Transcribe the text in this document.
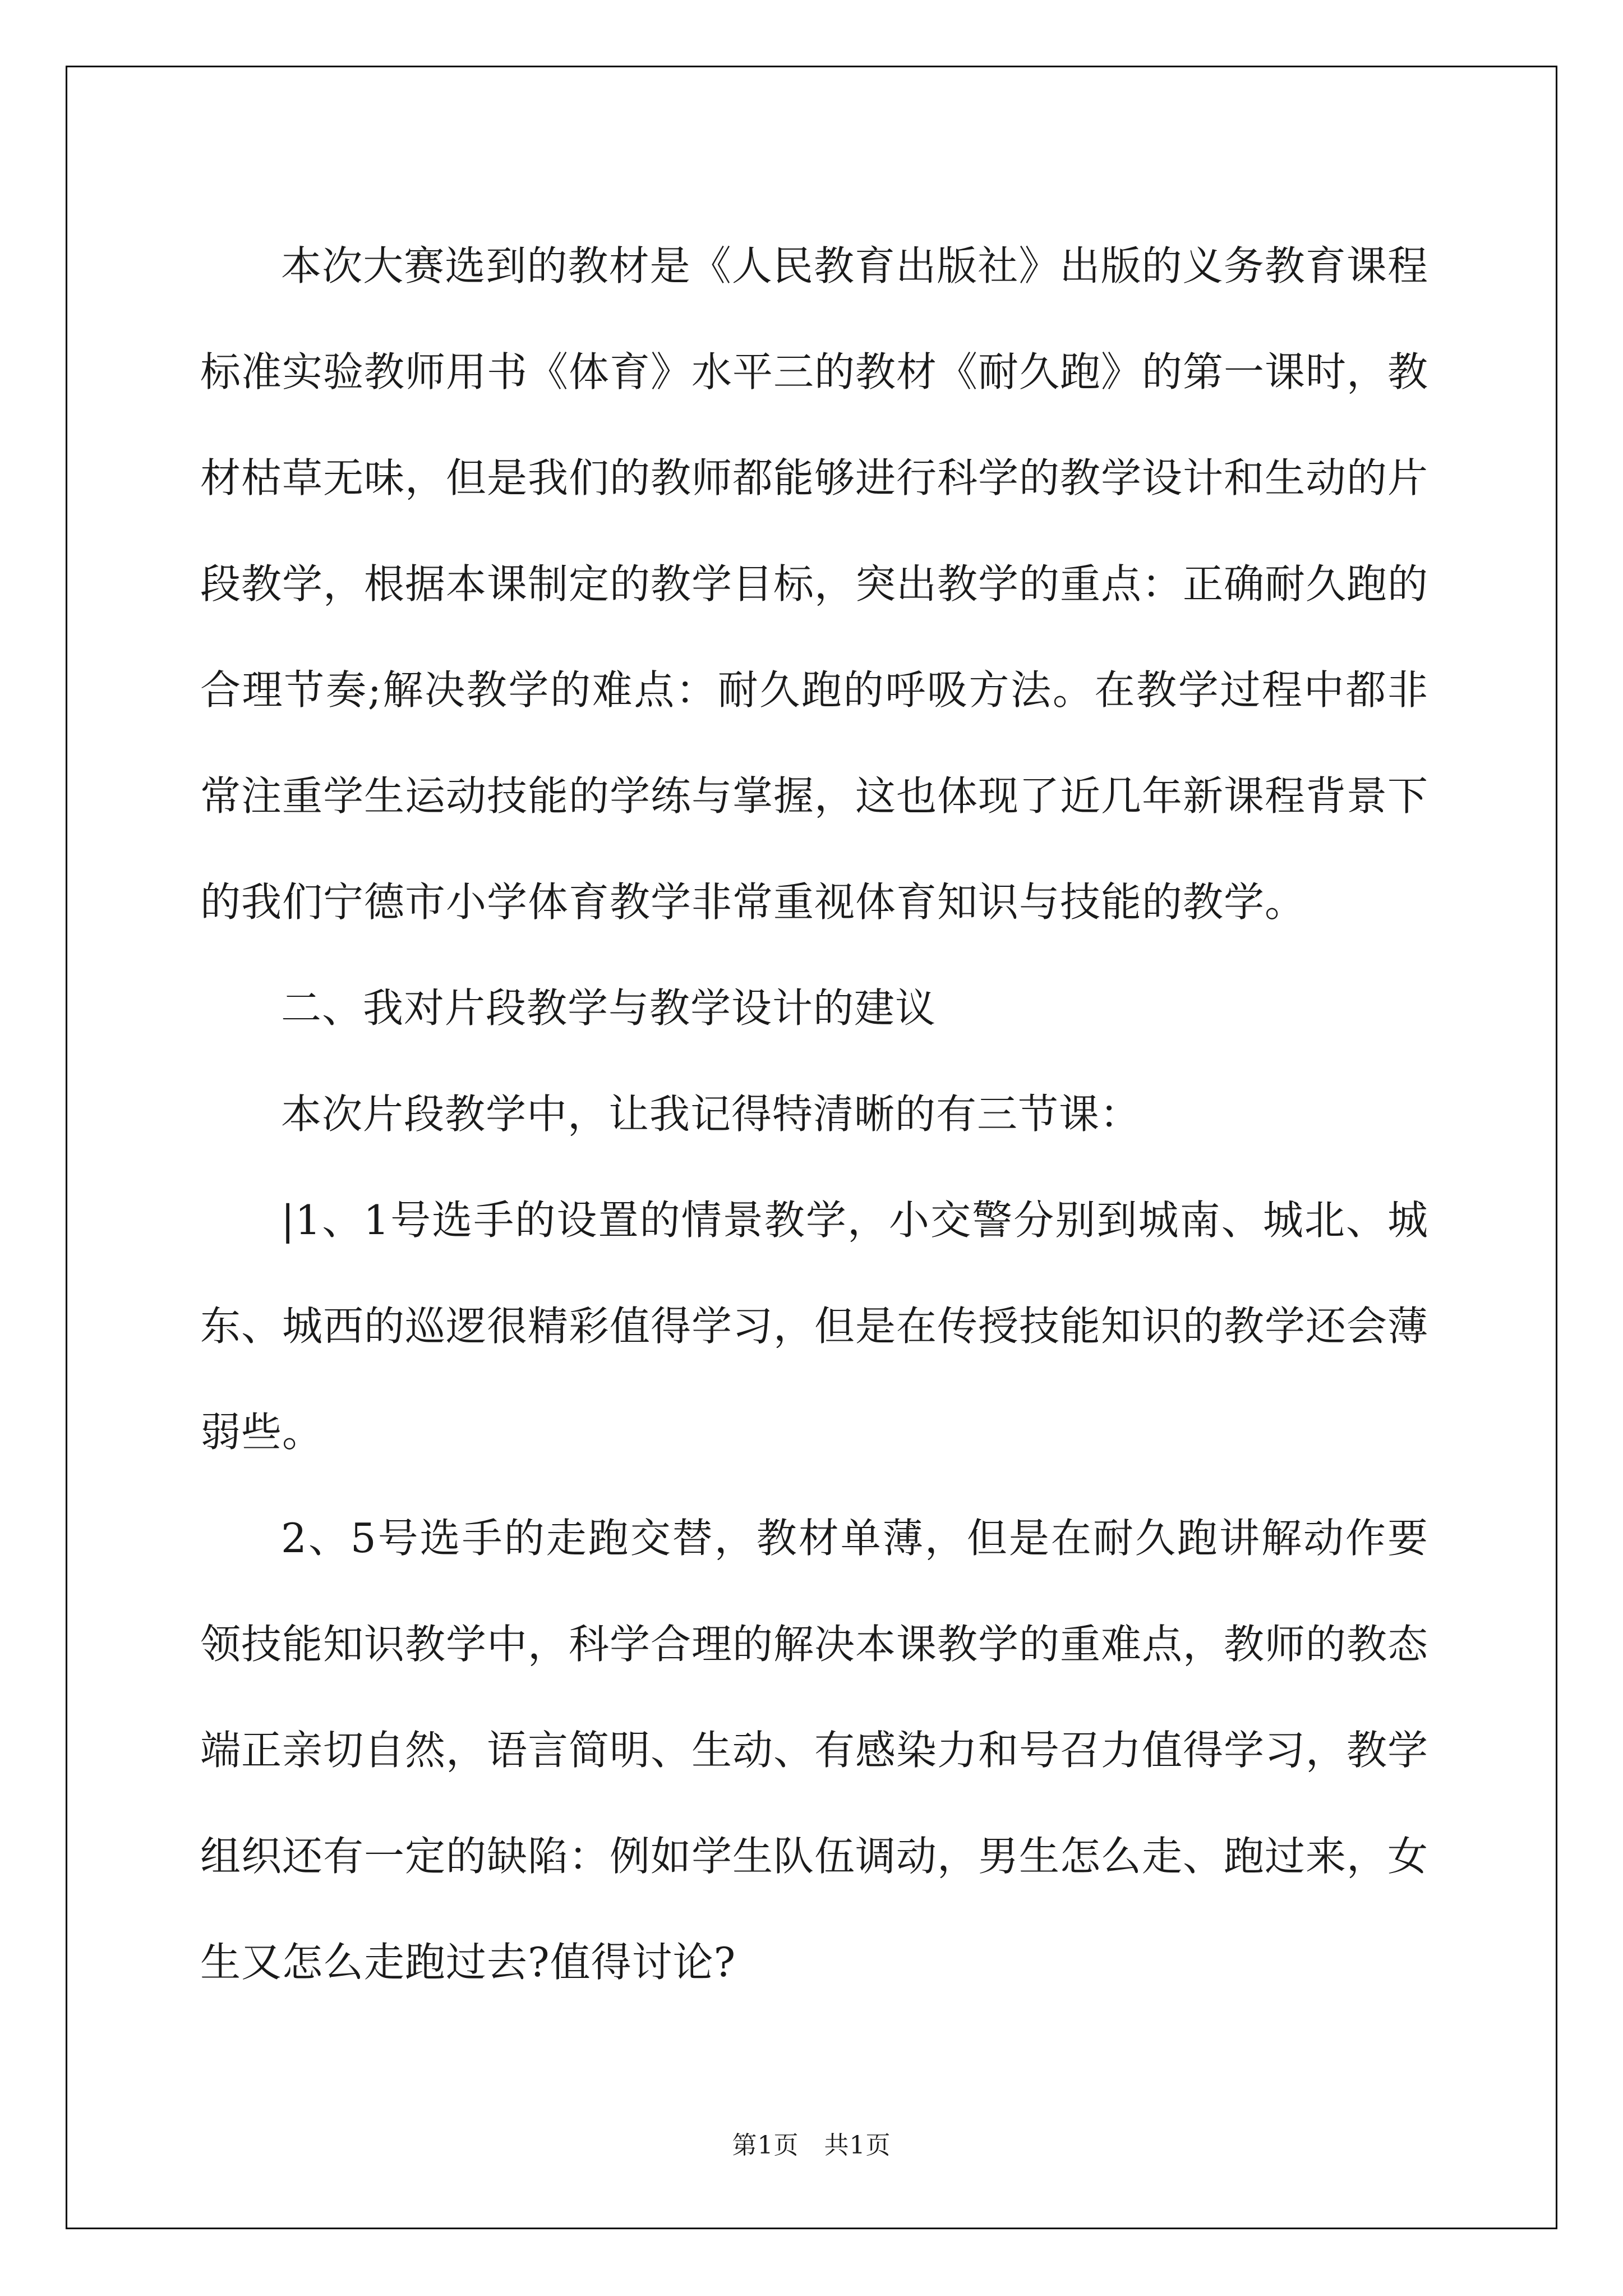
本次大赛选到的教材是《人民教育出版社》出版的义务教育课程标准实验教师用书《体育》水平三的教材《耐久跑》的第一课时，教材枯草无味，但是我们的教师都能够进行科学的教学设计和生动的片段教学，根据本课制定的教学目标，突出教学的重点：正确耐久跑的合理节奏;解决教学的难点：耐久跑的呼吸方法。在教学过程中都非常注重学生运动技能的学练与掌握，这也体现了近几年新课程背景下的我们宁德市小学体育教学非常重视体育知识与技能的教学。

二、我对片段教学与教学设计的建议

本次片段教学中，让我记得特清晰的有三节课：

|1、1号选手的设置的情景教学，小交警分别到城南、城北、城东、城西的巡逻很精彩值得学习，但是在传授技能知识的教学还会薄弱些。

2、5号选手的走跑交替，教材单薄，但是在耐久跑讲解动作要领技能知识教学中，科学合理的解决本课教学的重难点，教师的教态端正亲切自然，语言简明、生动、有感染力和号召力值得学习，教学组织还有一定的缺陷：例如学生队伍调动，男生怎么走、跑过来，女生又怎么走跑过去?值得讨论?

第1页 共1页
